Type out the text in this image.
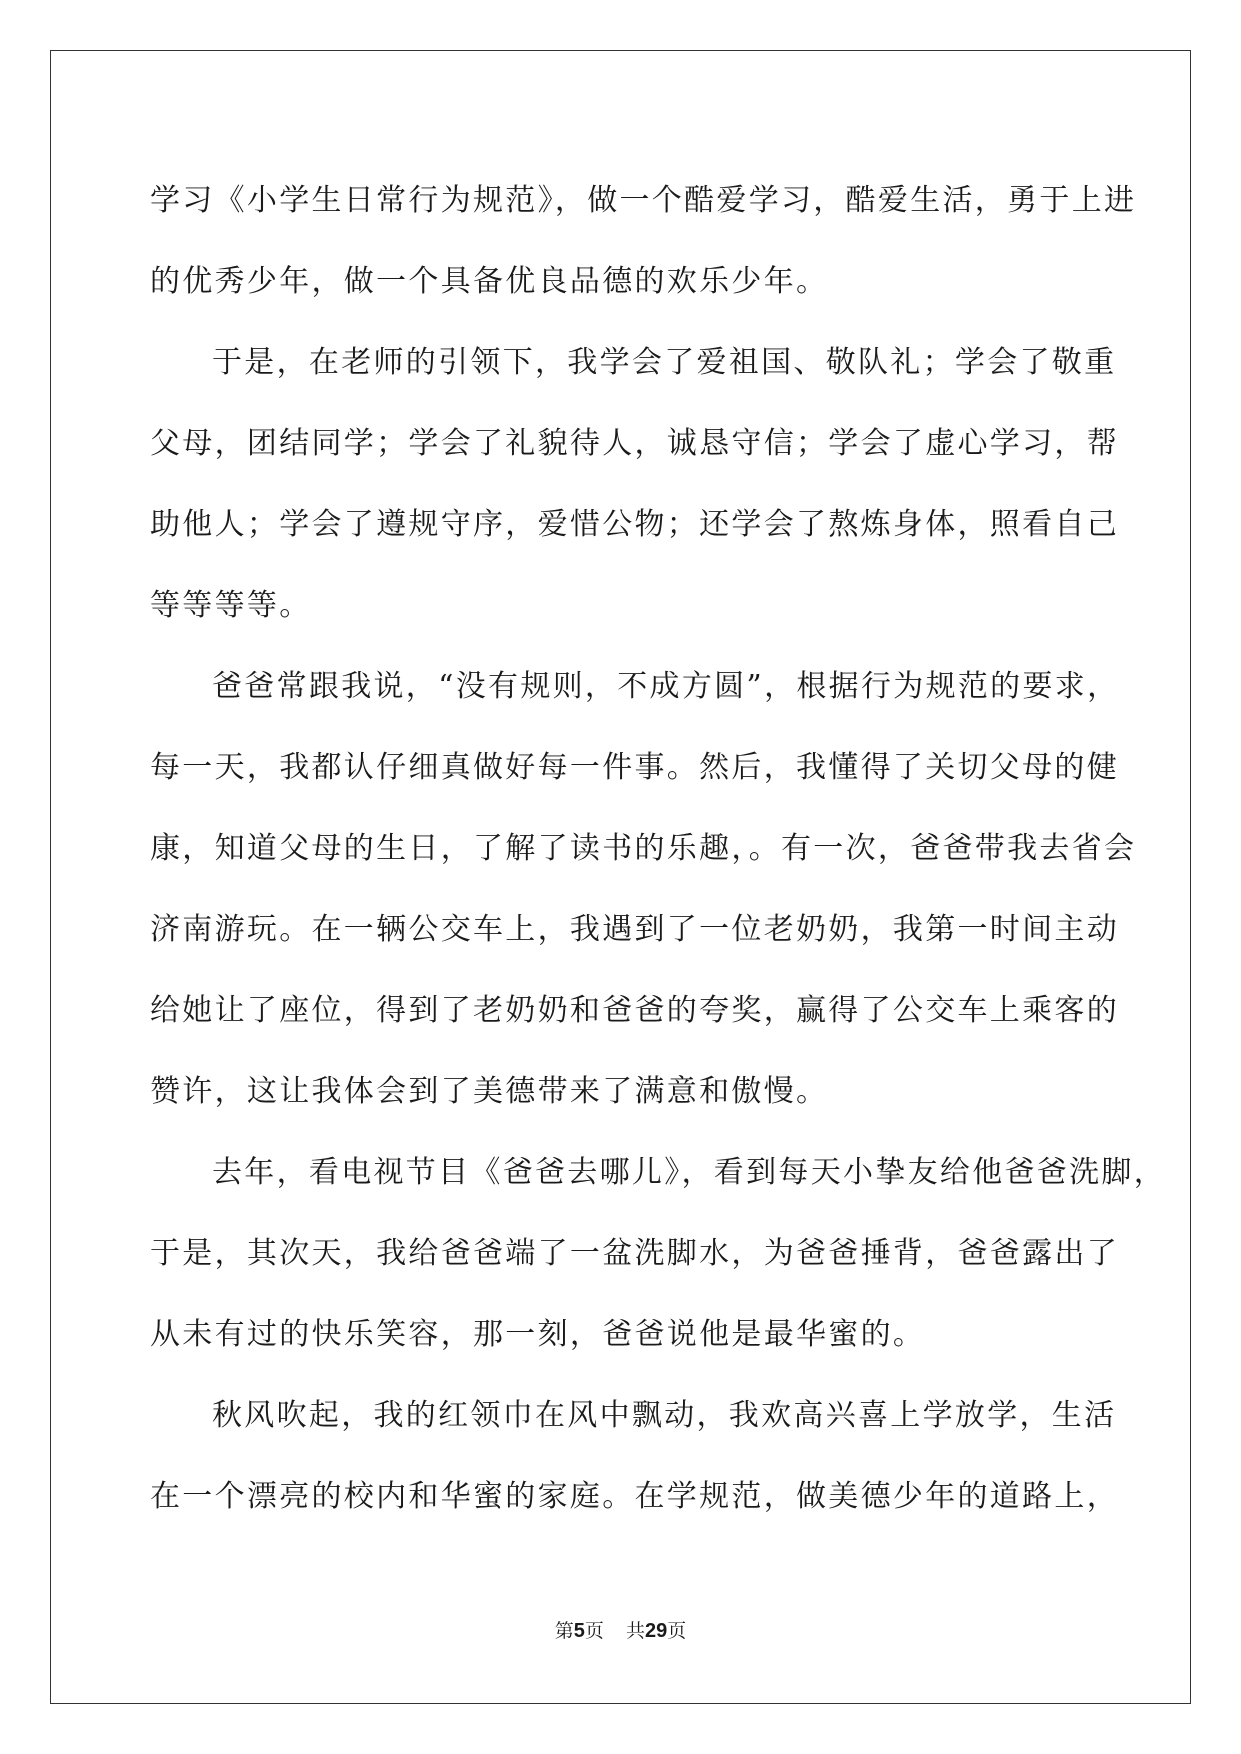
学习《小学生日常行为规范》，做一个酷爱学习，酷爱生活，勇于上进
的优秀少年，做一个具备优良品德的欢乐少年。
于是，在老师的引领下，我学会了爱祖国、敬队礼；学会了敬重
父母，团结同学；学会了礼貌待人，诚恳守信；学会了虚心学习，帮
助他人；学会了遵规守序，爱惜公物；还学会了熬炼身体，照看自己
等等等等。
爸爸常跟我说，“没有规则，不成方圆”，根据行为规范的要求，
每一天，我都认仔细真做好每一件事。然后，我懂得了关切父母的健
康，知道父母的生日，了解了读书的乐趣，。有一次，爸爸带我去省会
济南游玩。在一辆公交车上，我遇到了一位老奶奶，我第一时间主动
给她让了座位，得到了老奶奶和爸爸的夸奖，赢得了公交车上乘客的
赞许，这让我体会到了美德带来了满意和傲慢。
去年，看电视节目《爸爸去哪儿》，看到每天小挚友给他爸爸洗脚，
于是，其次天，我给爸爸端了一盆洗脚水，为爸爸捶背，爸爸露出了
从未有过的快乐笑容，那一刻，爸爸说他是最华蜜的。
秋风吹起，我的红领巾在风中飘动，我欢高兴喜上学放学，生活
在一个漂亮的校内和华蜜的家庭。在学规范，做美德少年的道路上，
第5页 共29页
